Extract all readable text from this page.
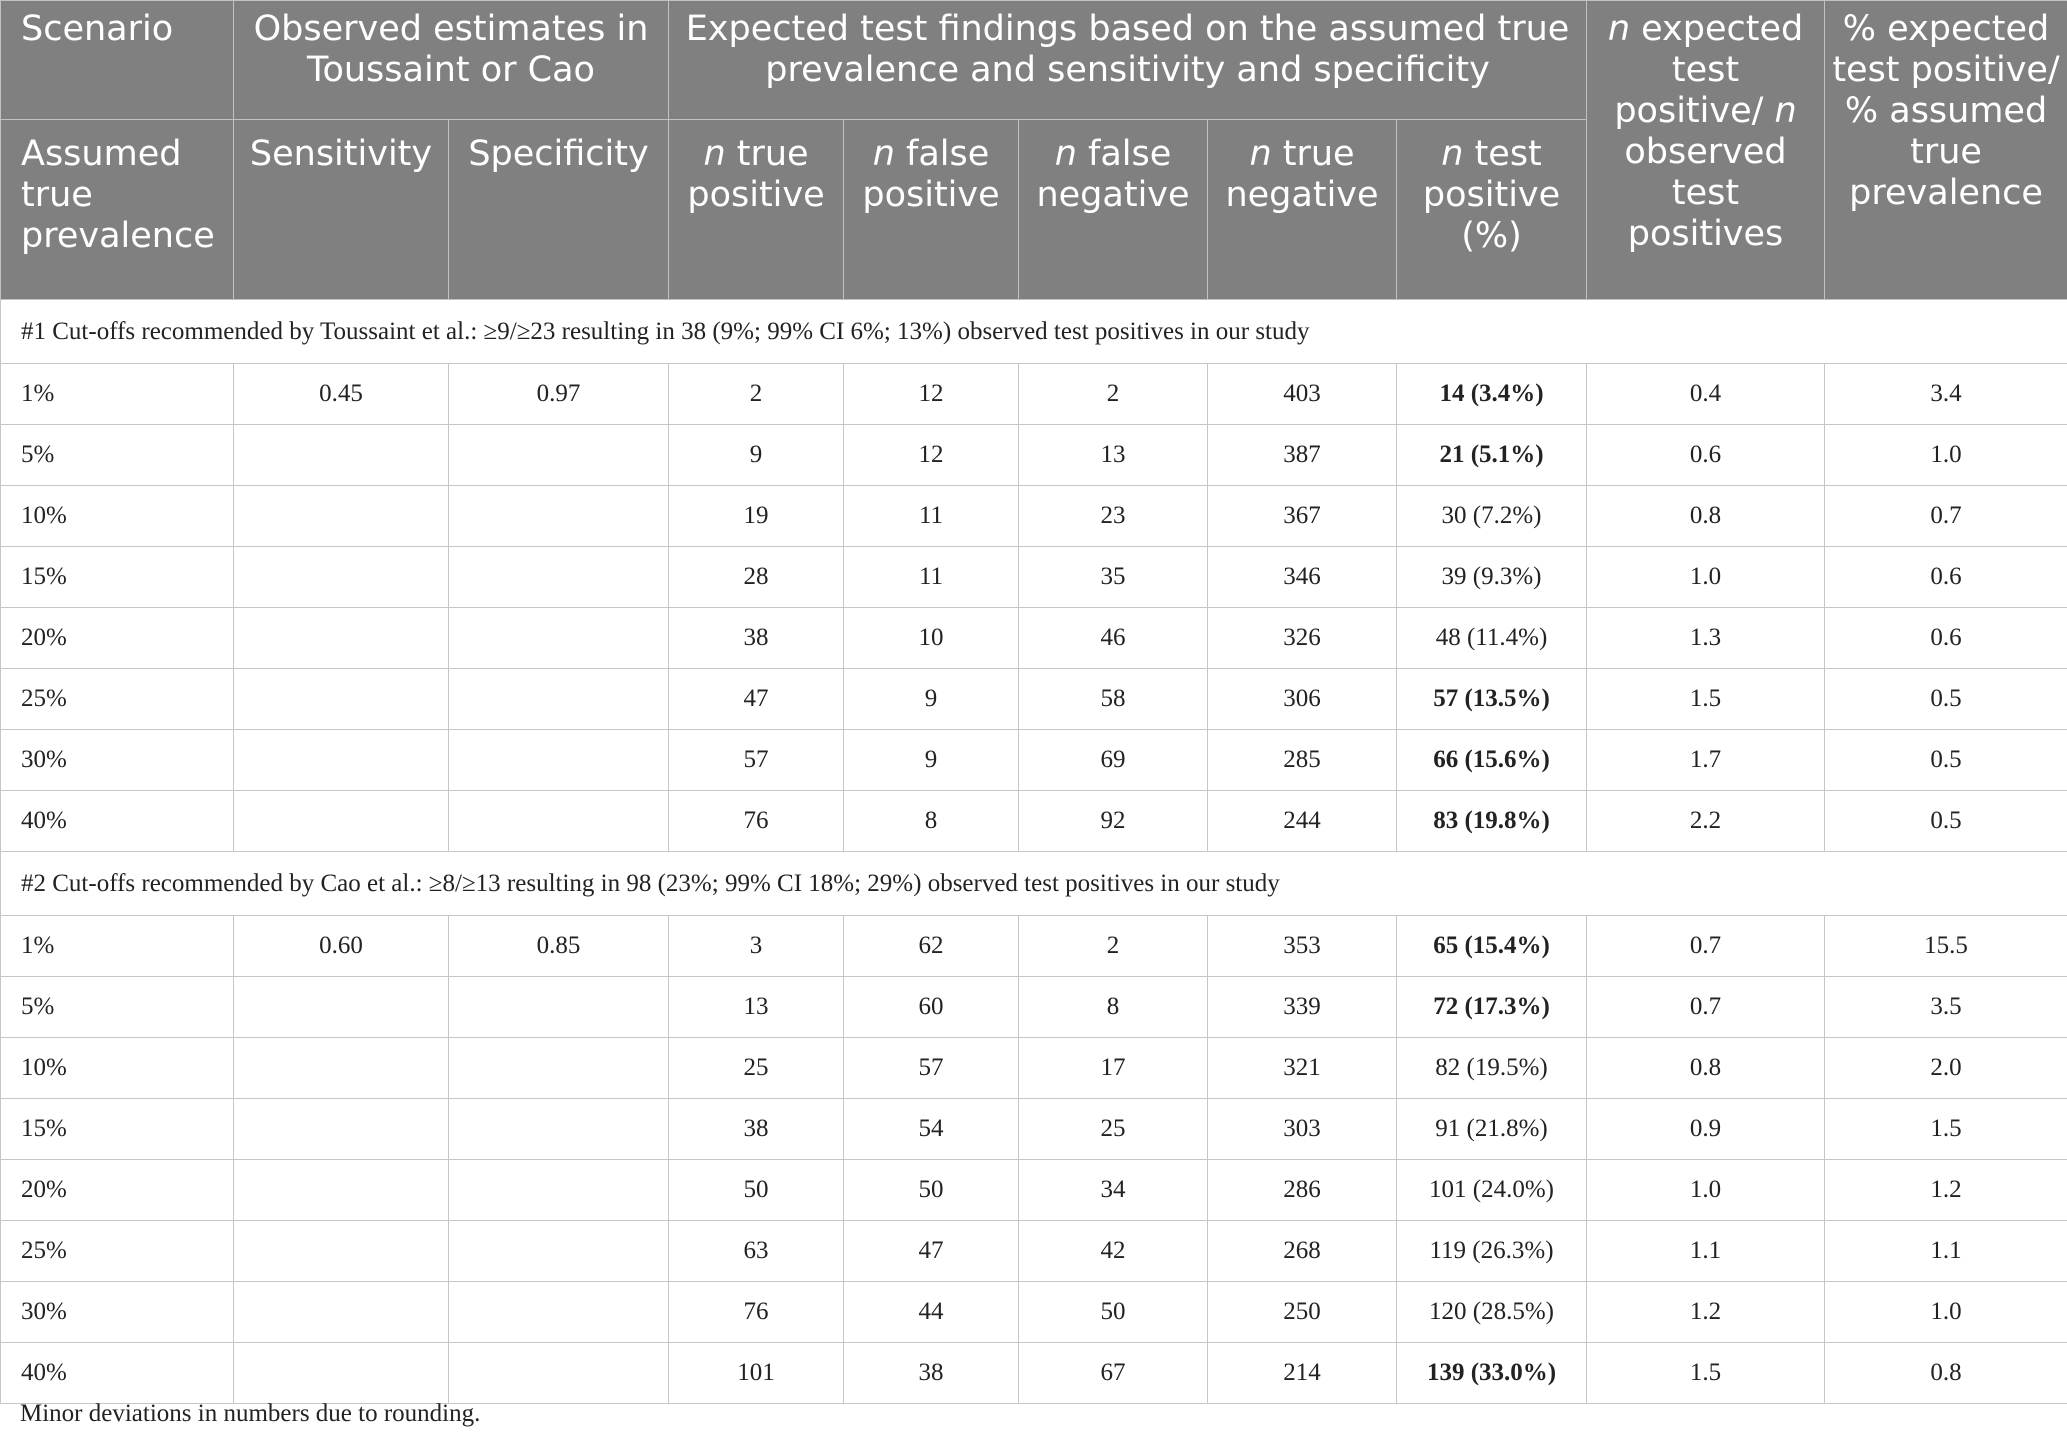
Scenario	Observed estimates in Toussaint or Cao		Expected test findings based on the assumed true prevalence and sensitivity and specificity					n expected test positive/ n observed test positives	% expected test positive/ % assumed true prevalence
Assumed true prevalence	Sensitivity	Specificity	n true positive	n false positive	n false negative	n true negative	n test positive (%)		
#1 Cut-offs recommended by Toussaint et al.: ≥9/≥23 resulting in 38 (9%; 99% CI 6%; 13%) observed test positives in our study									
1%	0.45	0.97	2	12	2	403	14 (3.4%)	0.4	3.4
5%			9	12	13	387	21 (5.1%)	0.6	1.0
10%			19	11	23	367	30 (7.2%)	0.8	0.7
15%			28	11	35	346	39 (9.3%)	1.0	0.6
20%			38	10	46	326	48 (11.4%)	1.3	0.6
25%			47	9	58	306	57 (13.5%)	1.5	0.5
30%			57	9	69	285	66 (15.6%)	1.7	0.5
40%			76	8	92	244	83 (19.8%)	2.2	0.5
#2 Cut-offs recommended by Cao et al.: ≥8/≥13 resulting in 98 (23%; 99% CI 18%; 29%) observed test positives in our study									
1%	0.60	0.85	3	62	2	353	65 (15.4%)	0.7	15.5
5%			13	60	8	339	72 (17.3%)	0.7	3.5
10%			25	57	17	321	82 (19.5%)	0.8	2.0
15%			38	54	25	303	91 (21.8%)	0.9	1.5
20%			50	50	34	286	101 (24.0%)	1.0	1.2
25%			63	47	42	268	119 (26.3%)	1.1	1.1
30%			76	44	50	250	120 (28.5%)	1.2	1.0
40%			101	38	67	214	139 (33.0%)	1.5	0.8
Minor deviations in numbers due to rounding.
